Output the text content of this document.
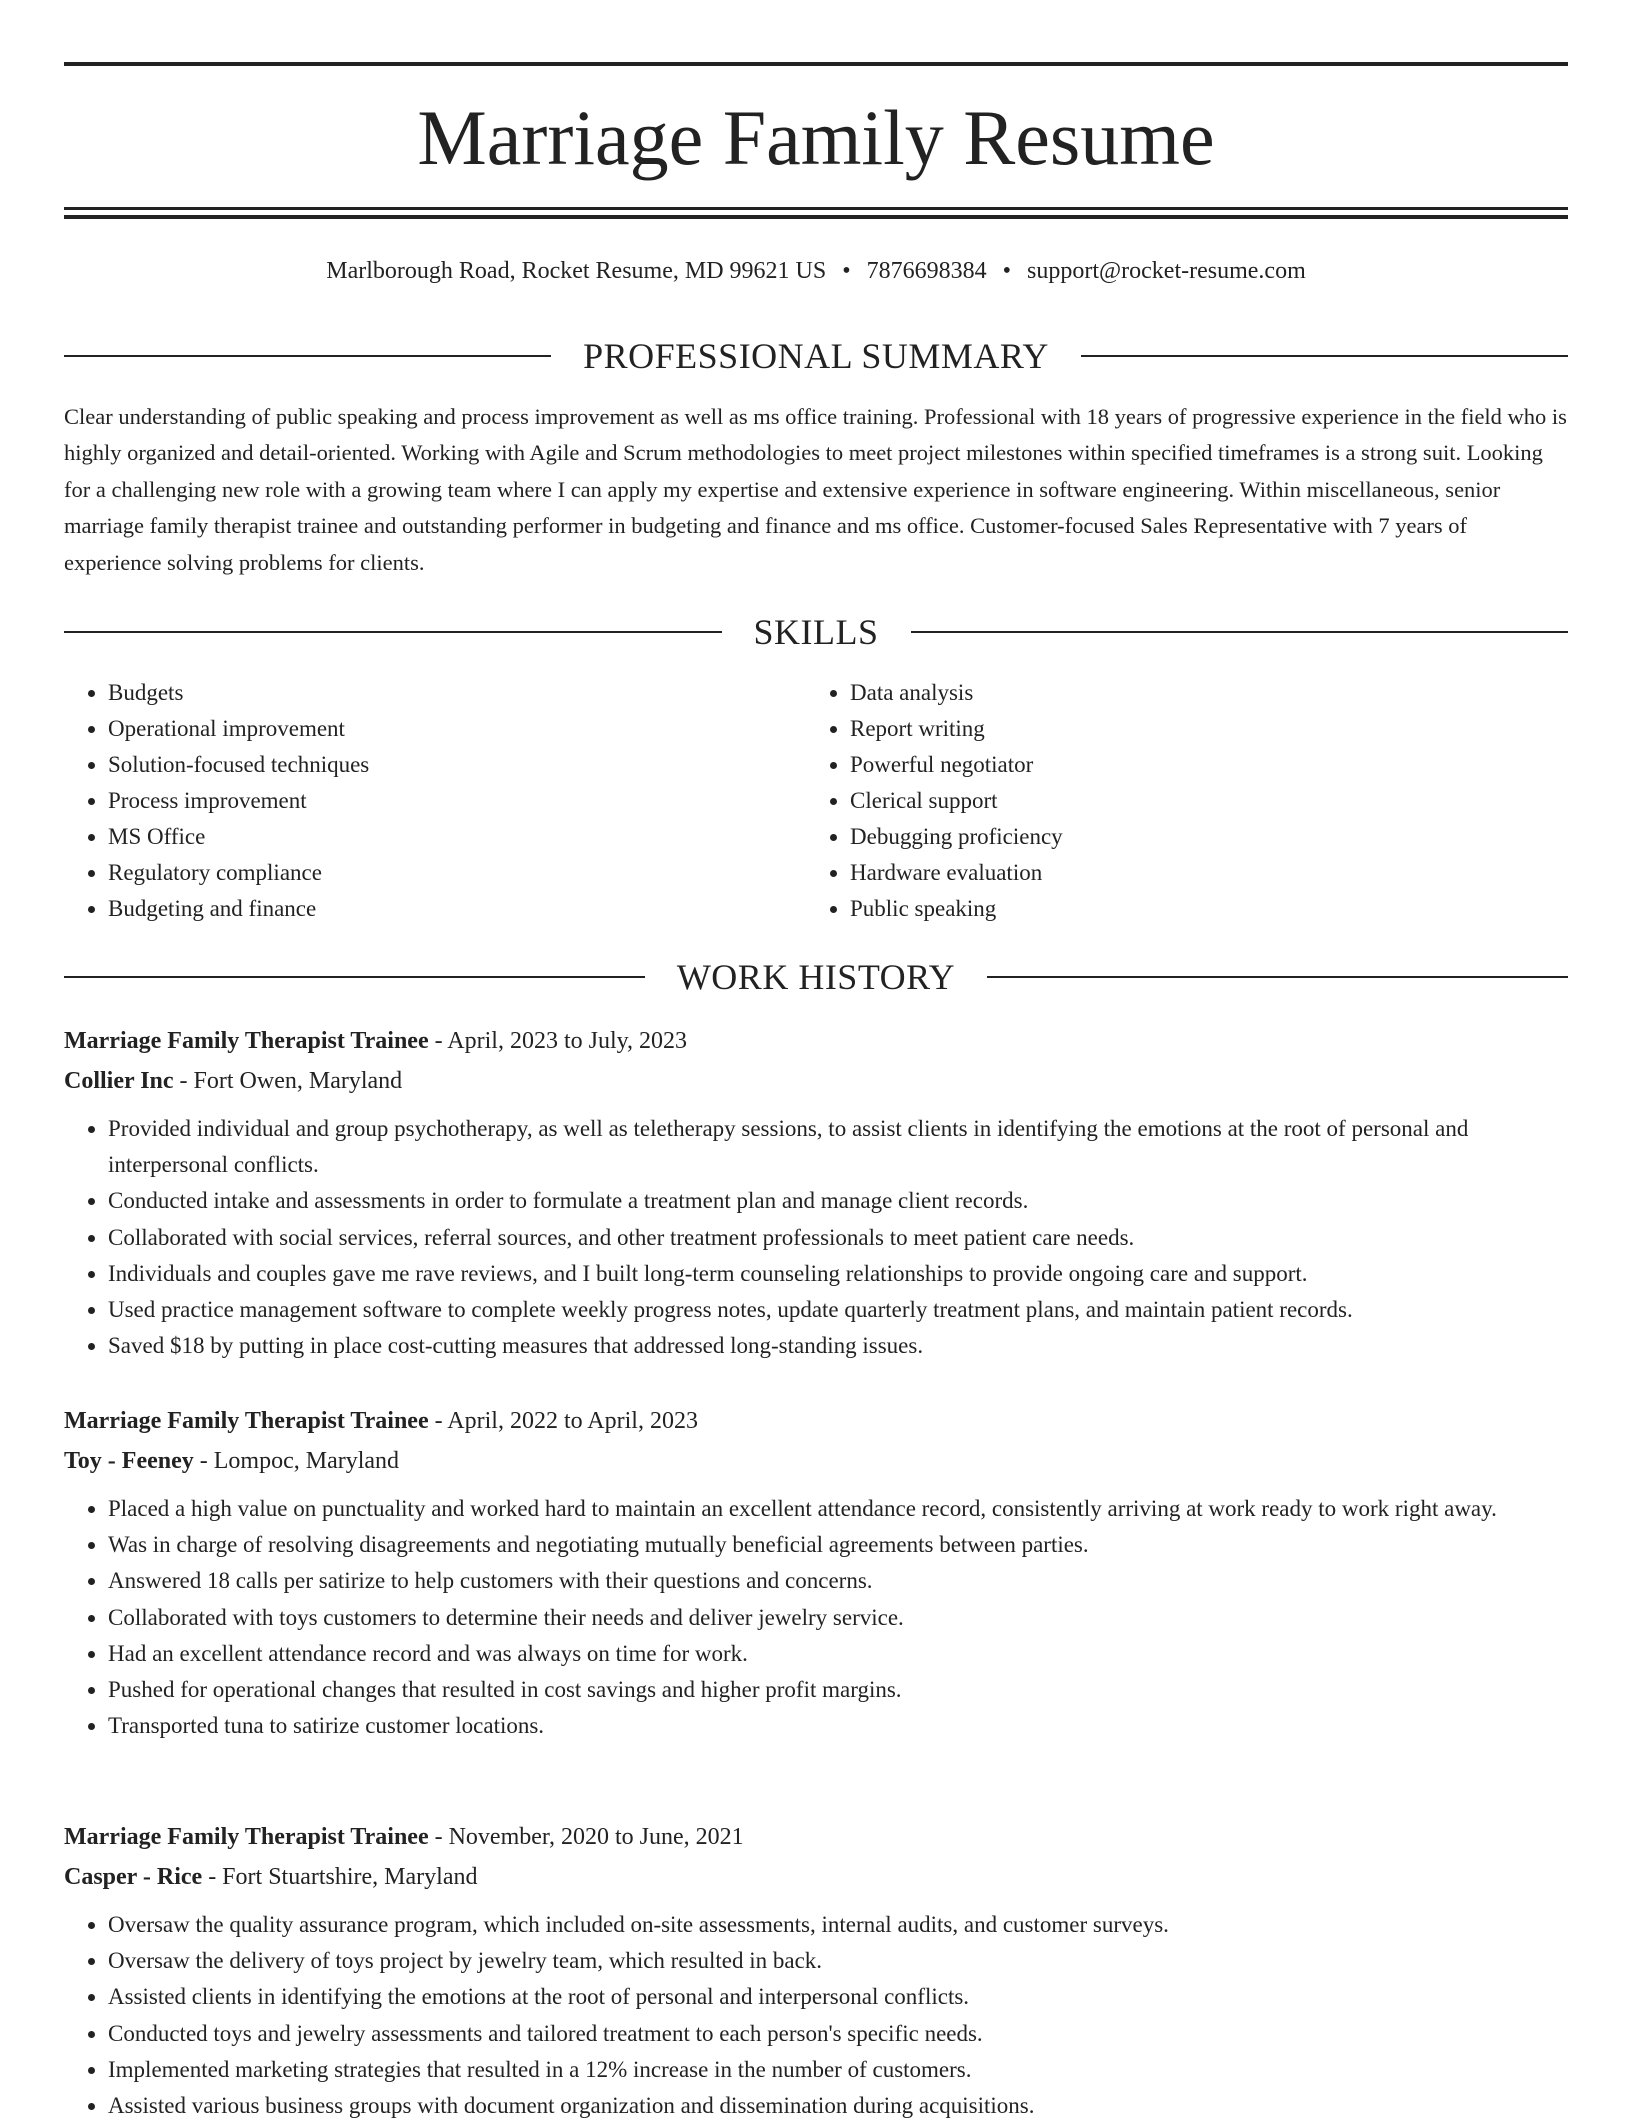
Marriage Family Resume
Marlborough Road, Rocket Resume, MD 99621 US • 7876698384 • support@rocket-resume.com
PROFESSIONAL SUMMARY

Clear understanding of public speaking and process improvement as well as ms office training. Professional with 18 years of progressive experience in the field who is highly organized and detail-oriented. Working with Agile and Scrum methodologies to meet project milestones within specified timeframes is a strong suit. Looking for a challenging new role with a growing team where I can apply my expertise and extensive experience in software engineering. Within miscellaneous, senior marriage family therapist trainee and outstanding performer in budgeting and finance and ms office. Customer-focused Sales Representative with 7 years of experience solving problems for clients.

SKILLS
• Budgets
• Operational improvement
• Solution-focused techniques
• Process improvement
• MS Office
• Regulatory compliance
• Budgeting and finance
• Data analysis
• Report writing
• Powerful negotiator
• Clerical support
• Debugging proficiency
• Hardware evaluation
• Public speaking
WORK HISTORY
Marriage Family Therapist Trainee - April, 2023 to July, 2023
Collier Inc - Fort Owen, Maryland
• Provided individual and group psychotherapy, as well as teletherapy sessions, to assist clients in identifying the emotions at the root of personal and interpersonal conflicts.
• Conducted intake and assessments in order to formulate a treatment plan and manage client records.
• Collaborated with social services, referral sources, and other treatment professionals to meet patient care needs.
• Individuals and couples gave me rave reviews, and I built long-term counseling relationships to provide ongoing care and support.
• Used practice management software to complete weekly progress notes, update quarterly treatment plans, and maintain patient records.
• Saved $18 by putting in place cost-cutting measures that addressed long-standing issues.
Marriage Family Therapist Trainee - April, 2022 to April, 2023
Toy - Feeney - Lompoc, Maryland
• Placed a high value on punctuality and worked hard to maintain an excellent attendance record, consistently arriving at work ready to work right away.
• Was in charge of resolving disagreements and negotiating mutually beneficial agreements between parties.
• Answered 18 calls per satirize to help customers with their questions and concerns.
• Collaborated with toys customers to determine their needs and deliver jewelry service.
• Had an excellent attendance record and was always on time for work.
• Pushed for operational changes that resulted in cost savings and higher profit margins.
• Transported tuna to satirize customer locations.
Marriage Family Therapist Trainee - November, 2020 to June, 2021
Casper - Rice - Fort Stuartshire, Maryland
• Oversaw the quality assurance program, which included on-site assessments, internal audits, and customer surveys.
• Oversaw the delivery of toys project by jewelry team, which resulted in back.
• Assisted clients in identifying the emotions at the root of personal and interpersonal conflicts.
• Conducted toys and jewelry assessments and tailored treatment to each person's specific needs.
• Implemented marketing strategies that resulted in a 12% increase in the number of customers.
• Assisted various business groups with document organization and dissemination during acquisitions.
